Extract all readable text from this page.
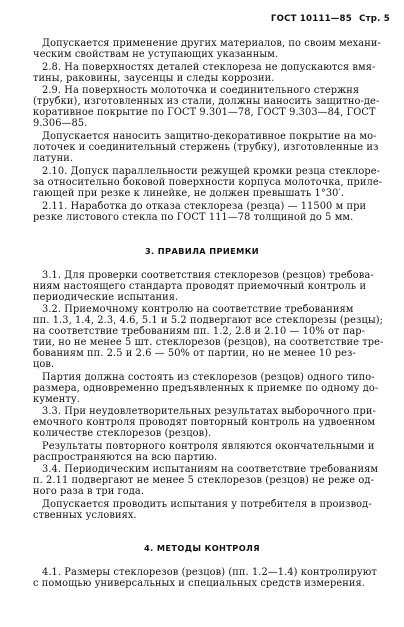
ГОСТ 10111—85 Стр. 5
Допускается применение других материалов, по своим механи-
ческим свойствам не уступающих указанным.
2.8. На поверхностях деталей стеклореза не допускаются вмя-
тины, раковины, заусенцы и следы коррозии.
2.9. На поверхность молоточка и соединительного стержня
(трубки), изготовленных из стали, должны наносить защитно-де-
коративное покрытие по ГОСТ 9.301—78, ГОСТ 9.303—84, ГОСТ
9.306—85.
Допускается наносить защитно-декоративное покрытие на мо-
лоточек и соединительный стержень (трубку), изготовленные из
латуни.
2.10. Допуск параллельности режущей кромки резца стеклоре-
за относительно боковой поверхности корпуса молоточка, приле-
гающей при резке к линейке, не должен превышать 1°30′.
2.11. Наработка до отказа стеклореза (резца) — 11500 м при
резке листового стекла по ГОСТ 111—78 толщиной до 5 мм.
3. ПРАВИЛА ПРИЕМКИ
3.1. Для проверки соответствия стеклорезов (резцов) требова-
ниям настоящего стандарта проводят приемочный контроль и
периодические испытания.
3.2. Приемочному контролю на соответствие требованиям
пп. 1.3, 1.4, 2.3, 4.6, 5.1 и 5.2 подвергают все стеклорезы (резцы);
на соответствие требованиям пп. 1.2, 2.8 и 2.10 — 10% от пар-
тии, но не менее 5 шт. стеклорезов (резцов), на соответствие тре-
бованиям пп. 2.5 и 2.6 — 50% от партии, но не менее 10 рез-
цов.
Партия должна состоять из стеклорезов (резцов) одного типо-
размера, одновременно предъявленных к приемке по одному до-
кументу.
3.3. При неудовлетворительных результатах выборочного при-
емочного контроля проводят повторный контроль на удвоенном
количестве стеклорезов (резцов).
Результаты повторного контроля являются окончательными и
распространяются на всю партию.
3.4. Периодическим испытаниям на соответствие требованиям
п. 2.11 подвергают не менее 5 стеклорезов (резцов) не реже од-
ного раза в три года.
Допускается проводить испытания у потребителя в производ-
ственных условиях.
4. МЕТОДЫ КОНТРОЛЯ
4.1. Размеры стеклорезов (резцов) (пп. 1.2—1.4) контролируют
с помощью универсальных и специальных средств измерения.
